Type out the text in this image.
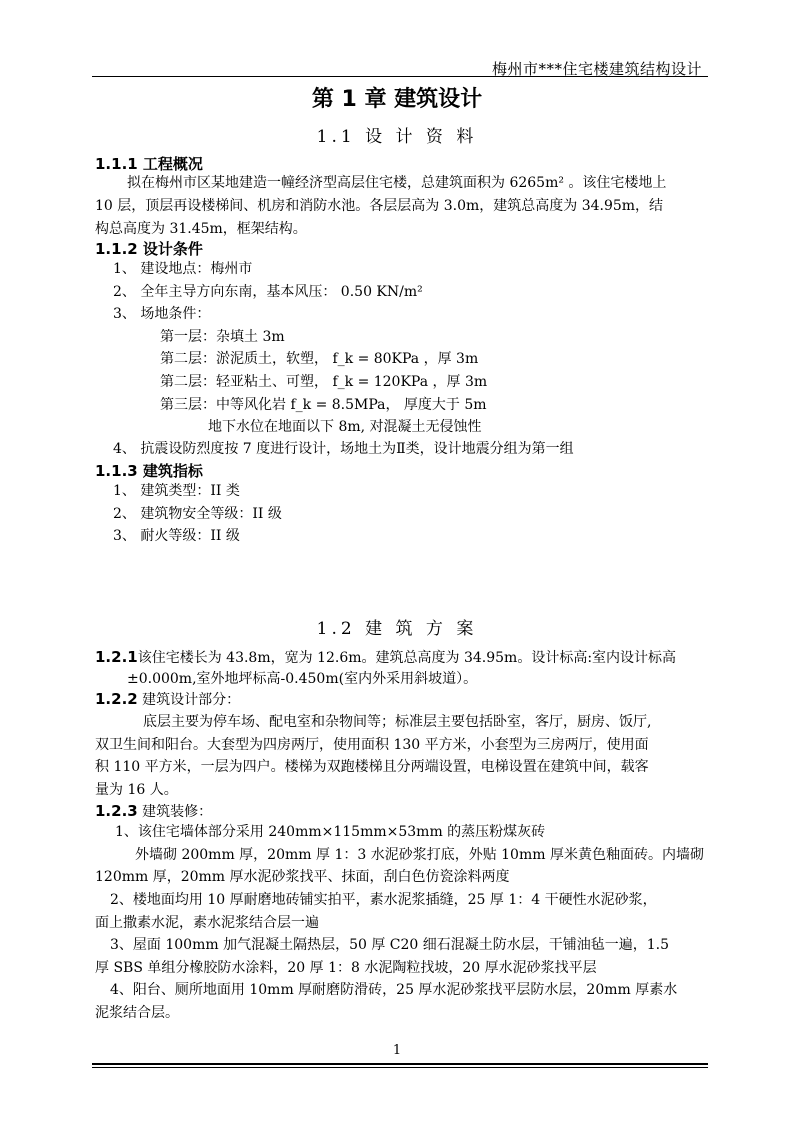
梅州市***住宅楼建筑结构设计
第 1 章 建筑设计
1.1 设 计 资 料
1.1.1 工程概况
拟在梅州市区某地建造一幢经济型高层住宅楼，总建筑面积为 6265m² 。该住宅楼地上
10 层，顶层再设楼梯间、机房和消防水池。各层层高为 3.0m，建筑总高度为 34.95m，结
构总高度为 31.45m，框架结构。
1.1.2 设计条件
1、 建设地点：梅州市
2、 全年主导方向东南，基本风压： 0.50 KN/m²
3、 场地条件：
第一层：杂填土 3m
第二层：淤泥质土，软塑， f_k = 80KPa ，厚 3m
第二层：轻亚粘土、可塑， f_k = 120KPa ，厚 3m
第三层：中等风化岩 f_k = 8.5MPa， 厚度大于 5m
地下水位在地面以下 8m, 对混凝土无侵蚀性
4、 抗震设防烈度按 7 度进行设计，场地土为Ⅱ类，设计地震分组为第一组
1.1.3 建筑指标
1、 建筑类型：II 类
2、 建筑物安全等级：II 级
3、 耐火等级：II 级
1.2 建 筑 方 案
1.2.1该住宅楼长为 43.8m，宽为 12.6m。建筑总高度为 34.95m。设计标高:室内设计标高
±0.000m,室外地坪标高-0.450m(室内外采用斜坡道）。
1.2.2 建筑设计部分：
底层主要为停车场、配电室和杂物间等；标准层主要包括卧室，客厅，厨房、饭厅,
双卫生间和阳台。大套型为四房两厅，使用面积 130 平方米，小套型为三房两厅，使用面
积 110 平方米，一层为四户。楼梯为双跑楼梯且分两端设置，电梯设置在建筑中间，载客
量为 16 人。
1.2.3 建筑装修：
1、该住宅墙体部分采用 240mm×115mm×53mm 的蒸压粉煤灰砖
外墙砌 200mm 厚，20mm 厚 1：3 水泥砂浆打底，外贴 10mm 厚米黄色釉面砖。内墙砌
120mm 厚，20mm 厚水泥砂浆找平、抹面，刮白色仿瓷涂料两度
2、楼地面均用 10 厚耐磨地砖铺实拍平，素水泥浆插缝，25 厚 1：4 干硬性水泥砂浆，
面上撒素水泥，素水泥浆结合层一遍
3、屋面 100mm 加气混凝土隔热层，50 厚 C20 细石混凝土防水层，干铺油毡一遍，1.5
厚 SBS 单组分橡胶防水涂料，20 厚 1：8 水泥陶粒找坡，20 厚水泥砂浆找平层
4、阳台、厕所地面用 10mm 厚耐磨防滑砖，25 厚水泥砂浆找平层防水层，20mm 厚素水
泥浆结合层。
1
